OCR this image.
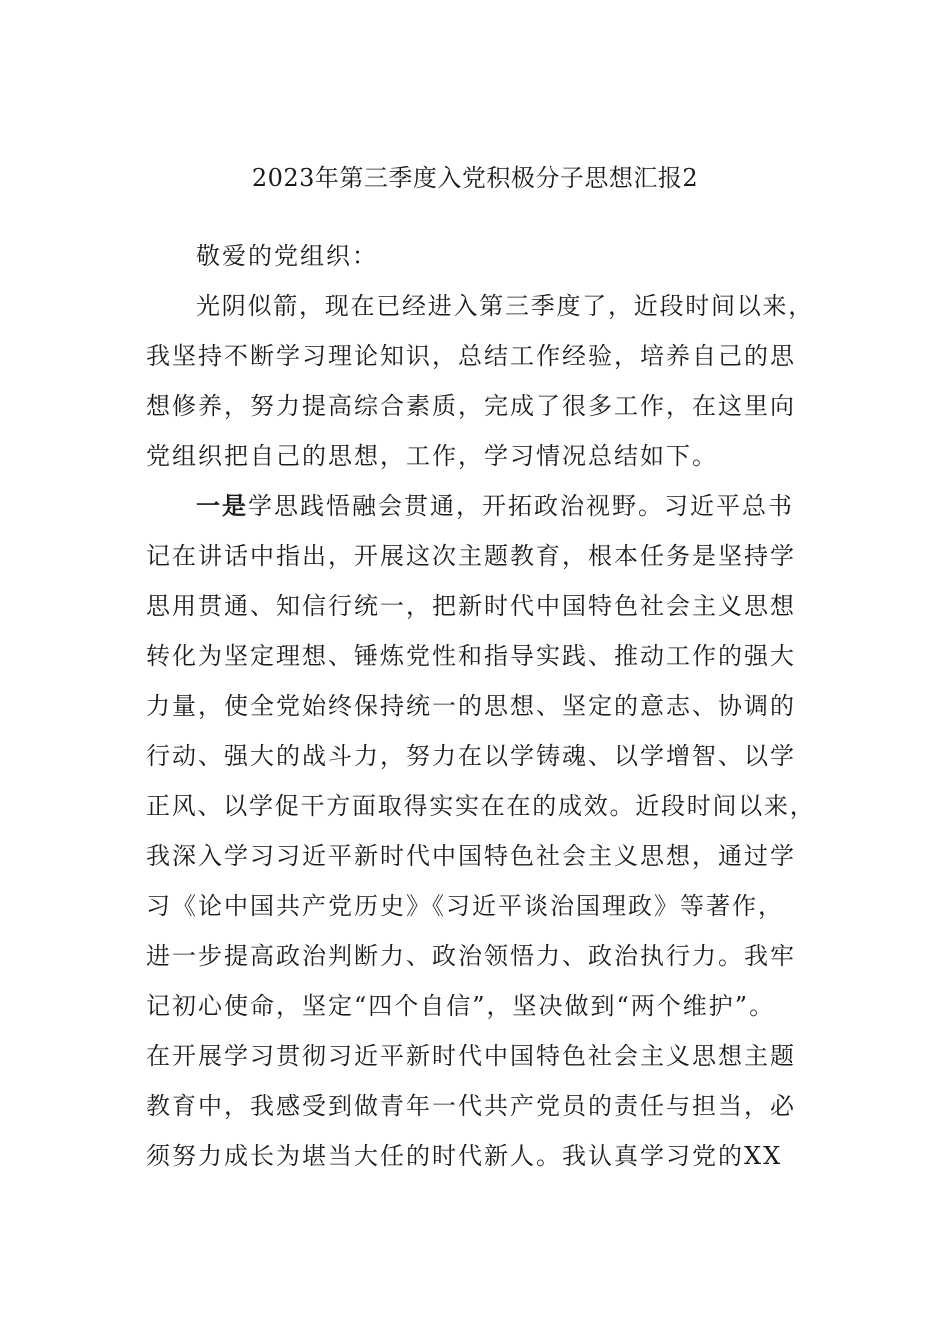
2023年第三季度入党积极分子思想汇报2
敬爱的党组织：
光阴似箭，现在已经进入第三季度了，近段时间以来，
我坚持不断学习理论知识，总结工作经验，培养自己的思
想修养，努力提高综合素质，完成了很多工作，在这里向
党组织把自己的思想，工作，学习情况总结如下。
一是学思践悟融会贯通，开拓政治视野。习近平总书
记在讲话中指出，开展这次主题教育，根本任务是坚持学
思用贯通、知信行统一，把新时代中国特色社会主义思想
转化为坚定理想、锤炼党性和指导实践、推动工作的强大
力量，使全党始终保持统一的思想、坚定的意志、协调的
行动、强大的战斗力，努力在以学铸魂、以学增智、以学
正风、以学促干方面取得实实在在的成效。近段时间以来，
我深入学习习近平新时代中国特色社会主义思想，通过学
习《论中国共产党历史》《习近平谈治国理政》等著作，
进一步提高政治判断力、政治领悟力、政治执行力。我牢
记初心使命，坚定“四个自信”，坚决做到“两个维护”。
在开展学习贯彻习近平新时代中国特色社会主义思想主题
教育中，我感受到做青年一代共产党员的责任与担当，必
须努力成长为堪当大任的时代新人。我认真学习党的XX
